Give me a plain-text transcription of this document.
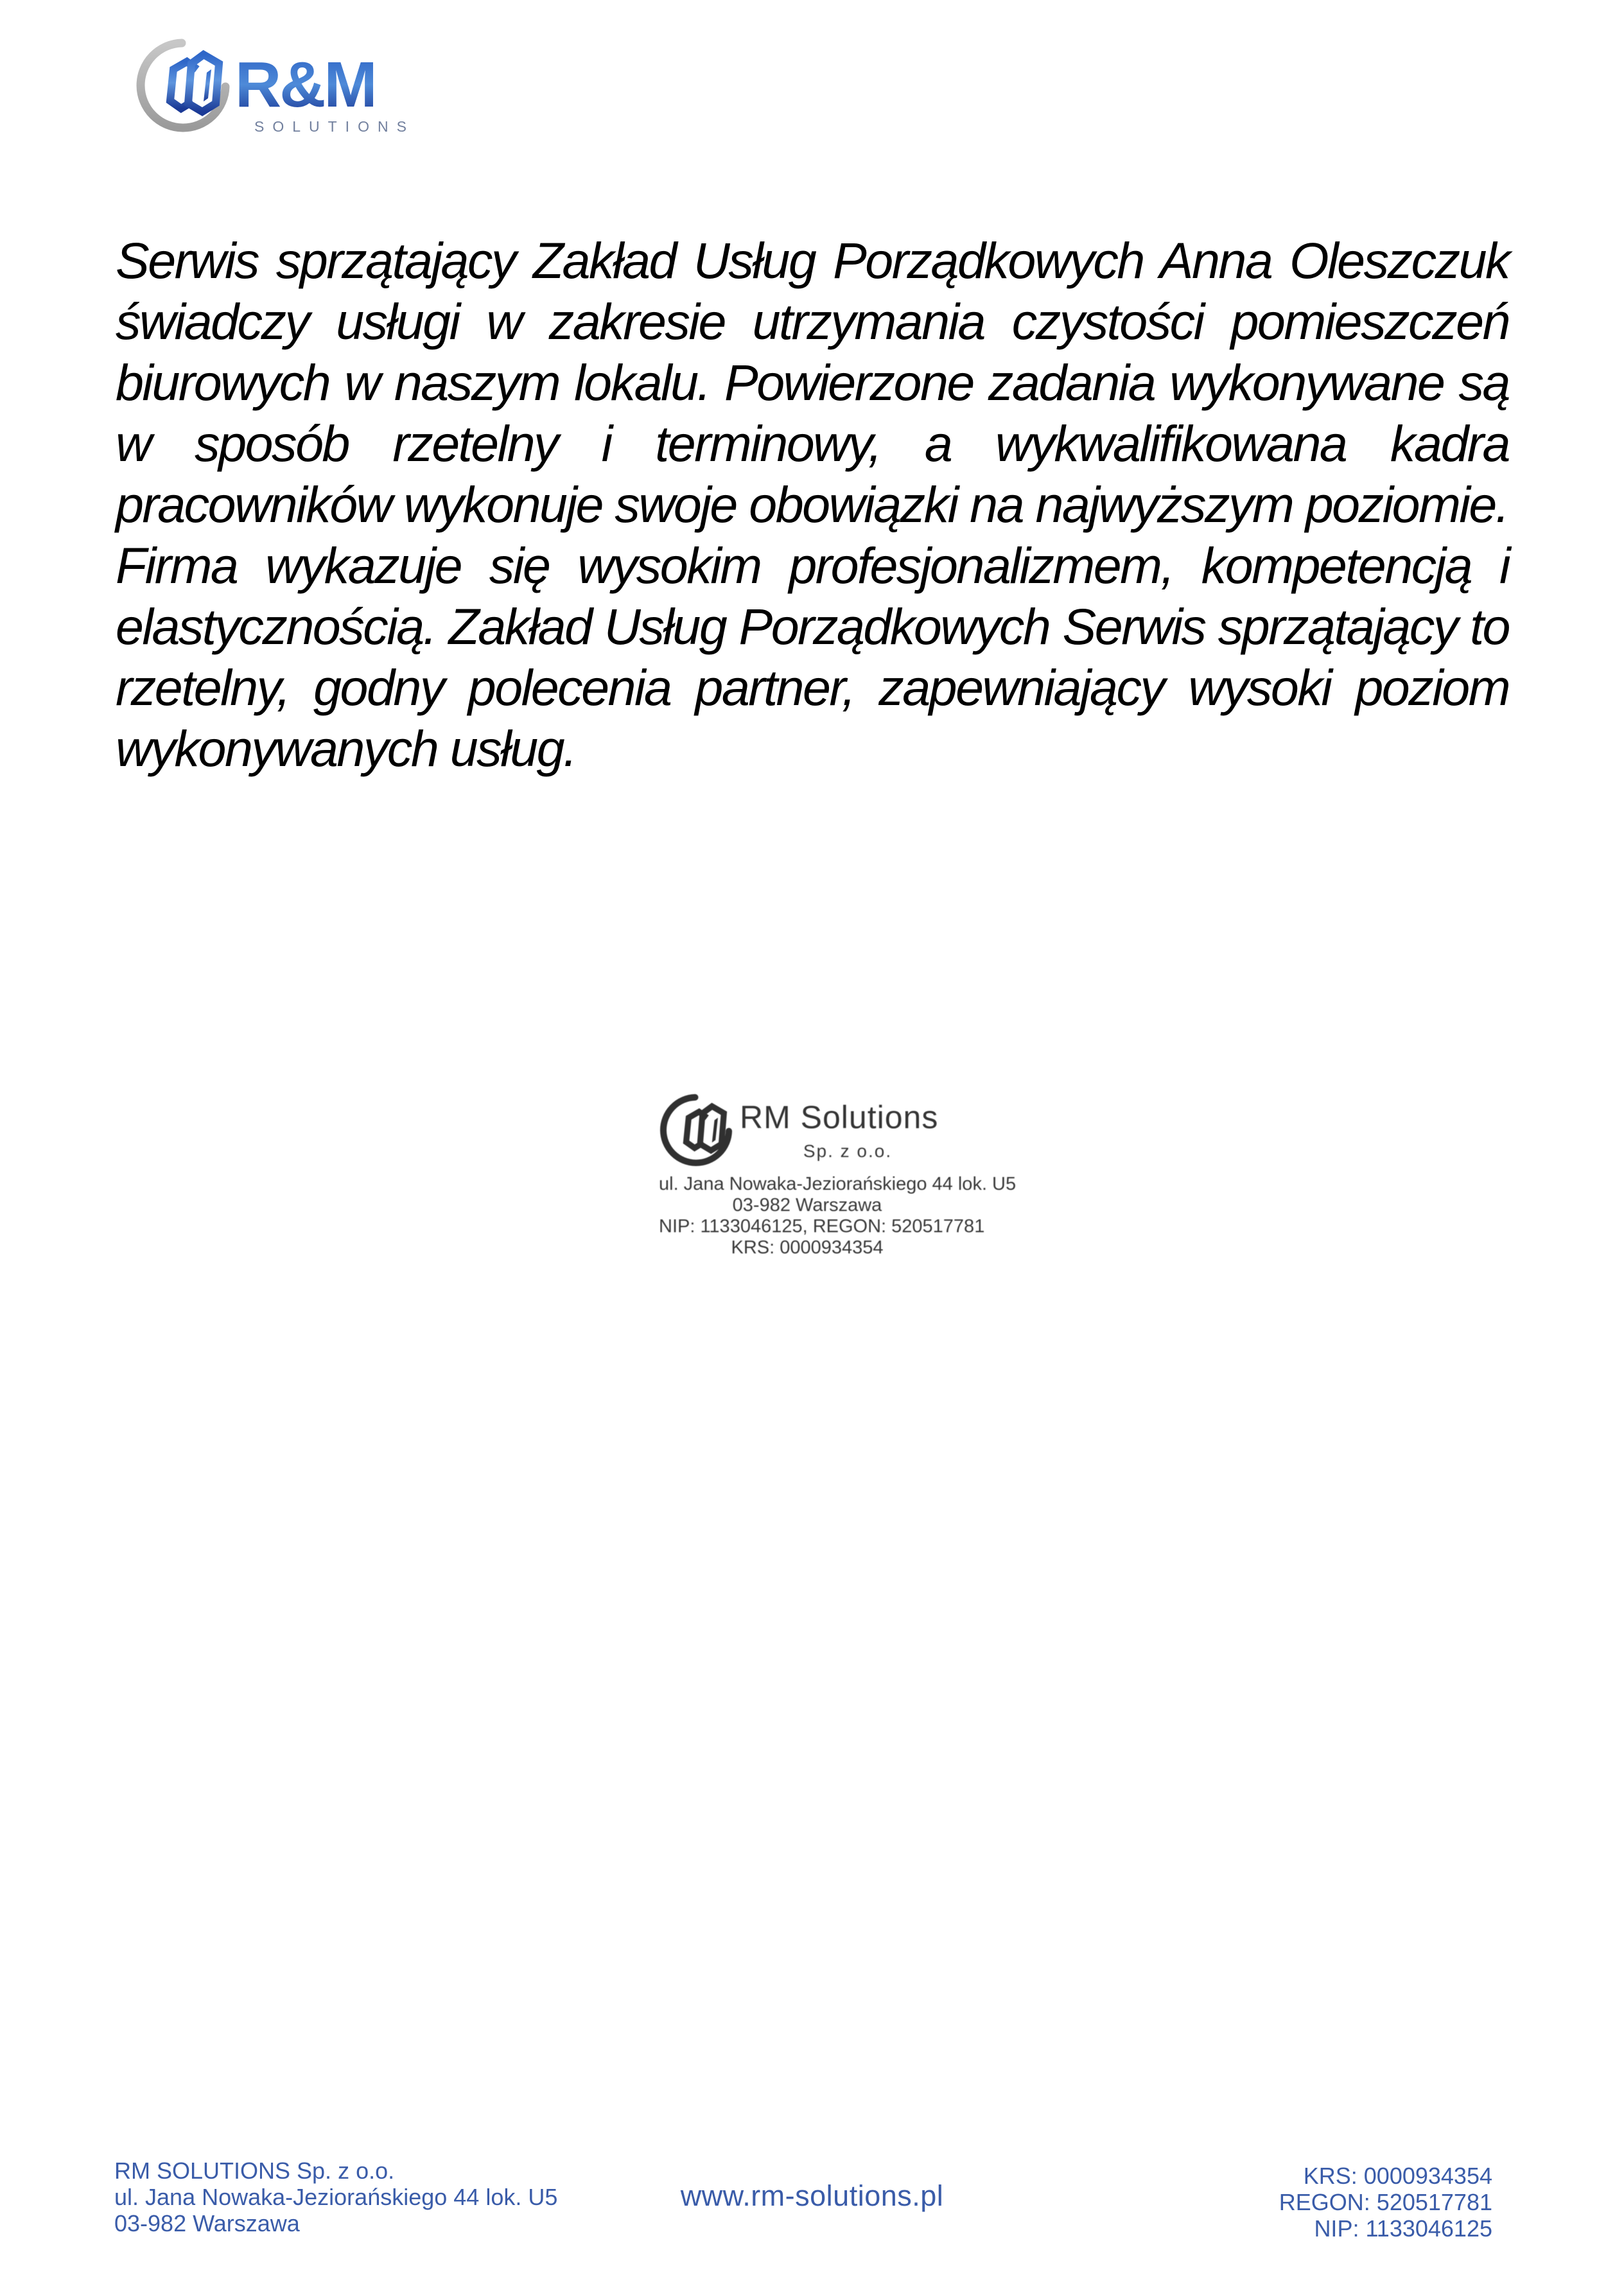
R&M
SOLUTIONS

Serwis sprzątający Zakład Usług Porządkowych Anna Oleszczuk świadczy usługi w zakresie utrzymania czystości pomieszczeń biurowych w naszym lokalu. Powierzone zadania wykonywane są w sposób rzetelny i terminowy, a wykwalifikowana kadra pracowników wykonuje swoje obowiązki na najwyższym poziomie.

Firma wykazuje się wysokim profesjonalizmem, kompetencją i elastycznością. Zakład Usług Porządkowych Serwis sprzątający to rzetelny, godny polecenia partner, zapewniający wysoki poziom wykonywanych usług.

RM Solutions
Sp. z o.o.
ul. Jana Nowaka-Jeziorańskiego 44 lok. U5
03-982 Warszawa
NIP: 1133046125, REGON: 520517781
KRS: 0000934354
RM SOLUTIONS Sp. z o.o.
ul. Jana Nowaka-Jeziorańskiego 44 lok. U5
03-982 Warszawa
www.rm-solutions.pl
KRS: 0000934354
REGON: 520517781
NIP: 1133046125
